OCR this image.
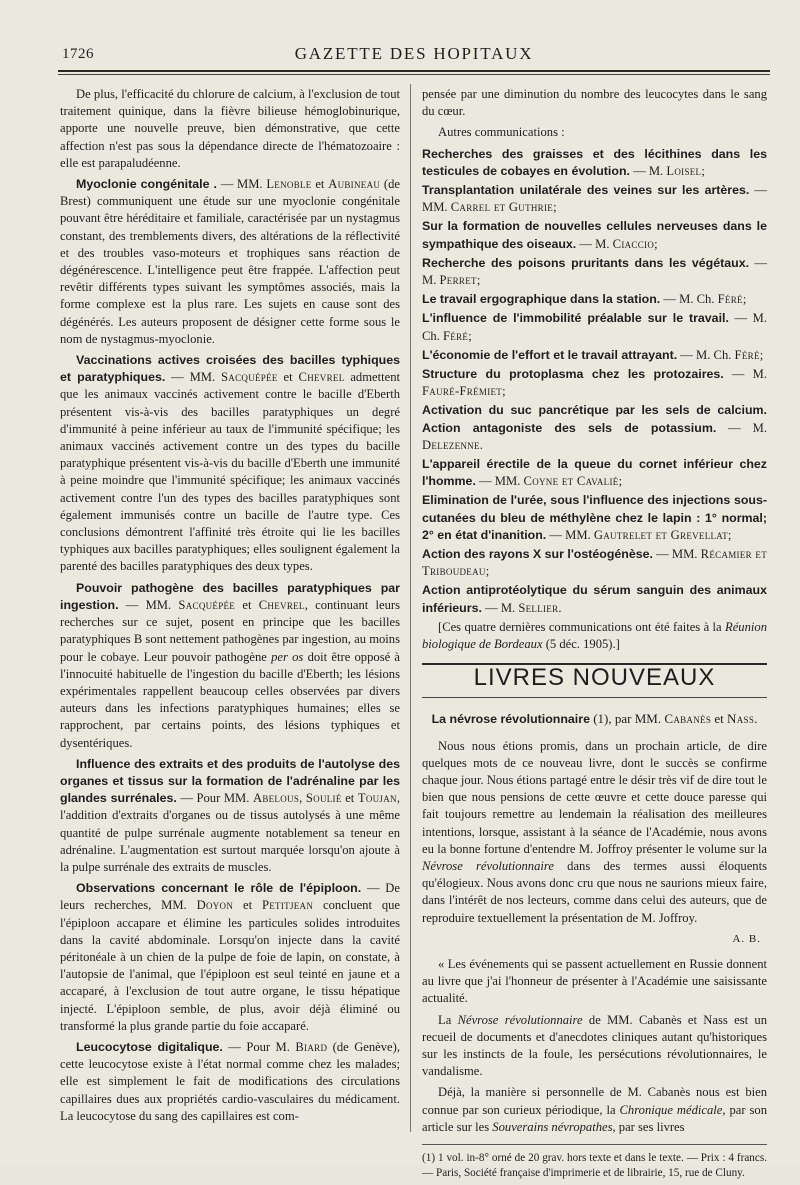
1726	GAZETTE DES HOPITAUX

De plus, l'efficacité du chlorure de calcium, à l'exclusion de tout traitement quinique, dans la fièvre bilieuse hémoglobinurique, apporte une nouvelle preuve, bien démonstrative, que cette affection n'est pas sous la dépendance directe de l'hématozoaire : elle est parapaludéenne.

Myoclonie congénitale . — MM. Lenoble et Aubineau (de Brest) communiquent une étude sur une myoclonie congénitale pouvant être héréditaire et familiale, caractérisée par un nystagmus constant, des tremblements divers, des altérations de la réflectivité et des troubles vaso-moteurs et trophiques sans réaction de dégénérescence. L'intelligence peut être frappée. L'affection peut revêtir différents types suivant les symptômes associés, mais la forme complexe est la plus rare. Les sujets en cause sont des dégénérés. Les auteurs proposent de désigner cette forme sous le nom de nystagmus-myoclonie.

Vaccinations actives croisées des bacilles typhiques et paratyphiques. — MM. Sacquépée et Chevrel admettent que les animaux vaccinés activement contre le bacille d'Eberth présentent vis-à-vis des bacilles paratyphiques un degré d'immunité à peine inférieur au taux de l'immunité spécifique; les animaux vaccinés activement contre un des types du bacille paratyphique présentent vis-à-vis du bacille d'Eberth une immunité à peine moindre que l'immunité spécifique; les animaux vaccinés activement contre l'un des types des bacilles paratyphiques sont également immunisés contre un bacille de l'autre type. Ces conclusions démontrent l'affinité très étroite qui lie les bacilles typhiques aux bacilles paratyphiques; elles soulignent également la parenté des bacilles paratyphiques des deux types.

Pouvoir pathogène des bacilles paratyphiques par ingestion. — MM. Sacquépée et Chevrel, continuant leurs recherches sur ce sujet, posent en principe que les bacilles paratyphiques B sont nettement pathogènes par ingestion, au moins pour le cobaye. Leur pouvoir pathogène per os doit être opposé à l'innocuité habituelle de l'ingestion du bacille d'Eberth; les lésions expérimentales rappellent beaucoup celles observées par divers auteurs dans les infections paratyphiques humaines; elles se rapprochent, par certains points, des lésions typhiques et dysentériques.

Influence des extraits et des produits de l'autolyse des organes et tissus sur la formation de l'adrénaline par les glandes surrénales. — Pour MM. Abelous, Soulié et Toujan, l'addition d'extraits d'organes ou de tissus autolysés à une même quantité de pulpe surrénale augmente notablement sa teneur en adrénaline. L'augmentation est surtout marquée lorsqu'on ajoute à la pulpe surrénale des extraits de muscles.

Observations concernant le rôle de l'épiploon. — De leurs recherches, MM. Doyon et Petitjean concluent que l'épiploon accapare et élimine les particules solides introduites dans la cavité abdominale. Lorsqu'on injecte dans la cavité péritonéale à un chien de la pulpe de foie de lapin, on constate, à l'autopsie de l'animal, que l'épiploon est seul teinté en jaune et a accaparé, à l'exclusion de tout autre organe, le tissu hépatique injecté. L'épiploon semble, de plus, avoir déjà éliminé ou transformé la plus grande partie du foie accaparé.

Leucocytose digitalique. — Pour M. Biard (de Genève), cette leucocytose existe à l'état normal comme chez les malades; elle est simplement le fait de modifications des circulations capillaires dues aux propriétés cardio-vasculaires du médicament. La leucocytose du sang des capillaires est com-

pensée par une diminution du nombre des leucocytes dans le sang du cœur.

Autres communications :

Recherches des graisses et des lécithines dans les testicules de cobayes en évolution. — M. Loisel;

Transplantation unilatérale des veines sur les artères. — MM. Carrel et Guthrie;

Sur la formation de nouvelles cellules nerveuses dans le sympathique des oiseaux. — M. Ciaccio;

Recherche des poisons pruritants dans les végétaux. — M. Perret;

Le travail ergographique dans la station. — M. Ch. Féré;

L'influence de l'immobilité préalable sur le travail. — M. Ch. Féré;

L'économie de l'effort et le travail attrayant. — M. Ch. Féré;

Structure du protoplasma chez les protozaires. — M. Fauré-Frémiet;

Activation du suc pancrétique par les sels de calcium. Action antagoniste des sels de potassium. — M. Delezenne.

L'appareil érectile de la queue du cornet inférieur chez l'homme. — MM. Coyne et Cavalié;

Elimination de l'urée, sous l'influence des injections sous-cutanées du bleu de méthylène chez le lapin : 1° normal; 2° en état d'inanition. — MM. Gautrelet et Grevellat;

Action des rayons X sur l'ostéogénèse. — MM. Récamier et Triboudeau;

Action antiprotéolytique du sérum sanguin des animaux inférieurs. — M. Sellier.

[Ces quatre dernières communications ont été faites à la Réunion biologique de Bordeaux (5 déc. 1905).]

LIVRES NOUVEAUX
La névrose révolutionnaire (1), par MM. Cabanès et Nass.

Nous nous étions promis, dans un prochain article, de dire quelques mots de ce nouveau livre, dont le succès se confirme chaque jour. Nous étions partagé entre le désir très vif de dire tout le bien que nous pensions de cette œuvre et cette douce paresse qui fait toujours remettre au lendemain la réalisation des meilleures intentions, lorsque, assistant à la séance de l'Académie, nous avons eu la bonne fortune d'entendre M. Joffroy présenter le volume sur la Névrose révolutionnaire dans des termes aussi éloquents qu'élogieux. Nous avons donc cru que nous ne saurions mieux faire, dans l'intérêt de nos lecteurs, comme dans celui des auteurs, que de reproduire textuellement la présentation de M. Joffroy.

A. B.

« Les événements qui se passent actuellement en Russie donnent au livre que j'ai l'honneur de présenter à l'Académie une saisissante actualité.

La Névrose révolutionnaire de MM. Cabanès et Nass est un recueil de documents et d'anecdotes cliniques autant qu'historiques sur les instincts de la foule, les persécutions révolutionnaires, le vandalisme.

Déjà, la manière si personnelle de M. Cabanès nous est bien connue par son curieux périodique, la Chronique médicale, par son article sur les Souverains névropathes, par ses livres

(1) 1 vol. in-8° orné de 20 grav. hors texte et dans le texte. — Prix : 4 francs. — Paris, Société française d'imprimerie et de librairie, 15, rue de Cluny.
